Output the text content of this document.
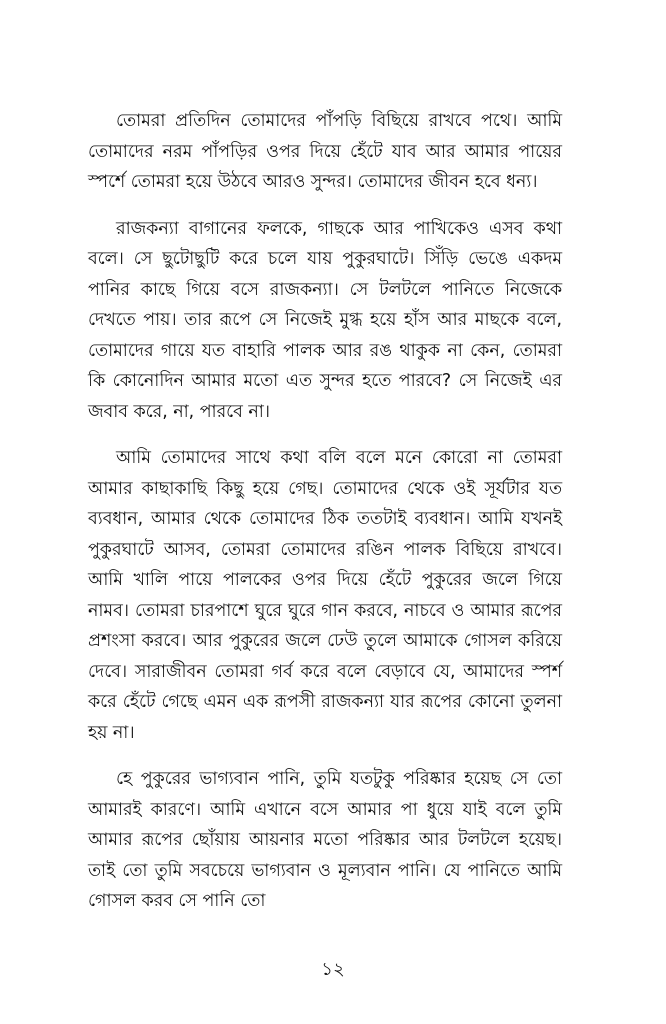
তোমরা প্রতিদিন তোমাদের পাঁপড়ি বিছিয়ে রাখবে পথে। আমি তোমাদের নরম পাঁপড়ির ওপর দিয়ে হেঁটে যাব আর আমার পায়ের স্পর্শে তোমরা হয়ে উঠবে আরও সুন্দর। তোমাদের জীবন হবে ধন্য।

রাজকন্যা বাগানের ফলকে, গাছকে আর পাখিকেও এসব কথা বলে। সে ছুটোছুটি করে চলে যায় পুকুরঘাটে। সিঁড়ি ভেঙে একদম পানির কাছে গিয়ে বসে রাজকন্যা। সে টলটলে পানিতে নিজেকে দেখতে পায়। তার রূপে সে নিজেই মুগ্ধ হয়ে হাঁস আর মাছকে বলে, তোমাদের গায়ে যত বাহারি পালক আর রঙ থাকুক না কেন, তোমরা কি কোনোদিন আমার মতো এত সুন্দর হতে পারবে? সে নিজেই এর জবাব করে, না, পারবে না।

আমি তোমাদের সাথে কথা বলি বলে মনে কোরো না তোমরা আমার কাছাকাছি কিছু হয়ে গেছ। তোমাদের থেকে ওই সূর্যটার যত ব্যবধান, আমার থেকে তোমাদের ঠিক ততটাই ব্যবধান। আমি যখনই পুকুরঘাটে আসব, তোমরা তোমাদের রঙিন পালক বিছিয়ে রাখবে। আমি খালি পায়ে পালকের ওপর দিয়ে হেঁটে পুকুরের জলে গিয়ে নামব। তোমরা চারপাশে ঘুরে ঘুরে গান করবে, নাচবে ও আমার রূপের প্রশংসা করবে। আর পুকুরের জলে ঢেউ তুলে আমাকে গোসল করিয়ে দেবে। সারাজীবন তোমরা গর্ব করে বলে বেড়াবে যে, আমাদের স্পর্শ করে হেঁটে গেছে এমন এক রূপসী রাজকন্যা যার রূপের কোনো তুলনা হয় না।

হে পুকুরের ভাগ্যবান পানি, তুমি যতটুকু পরিষ্কার হয়েছ সে তো আমারই কারণে। আমি এখানে বসে আমার পা ধুয়ে যাই বলে তুমি আমার রূপের ছোঁয়ায় আয়নার মতো পরিষ্কার আর টলটলে হয়েছ। তাই তো তুমি সবচেয়ে ভাগ্যবান ও মূল্যবান পানি। যে পানিতে আমি গোসল করব সে পানি তো

১২
